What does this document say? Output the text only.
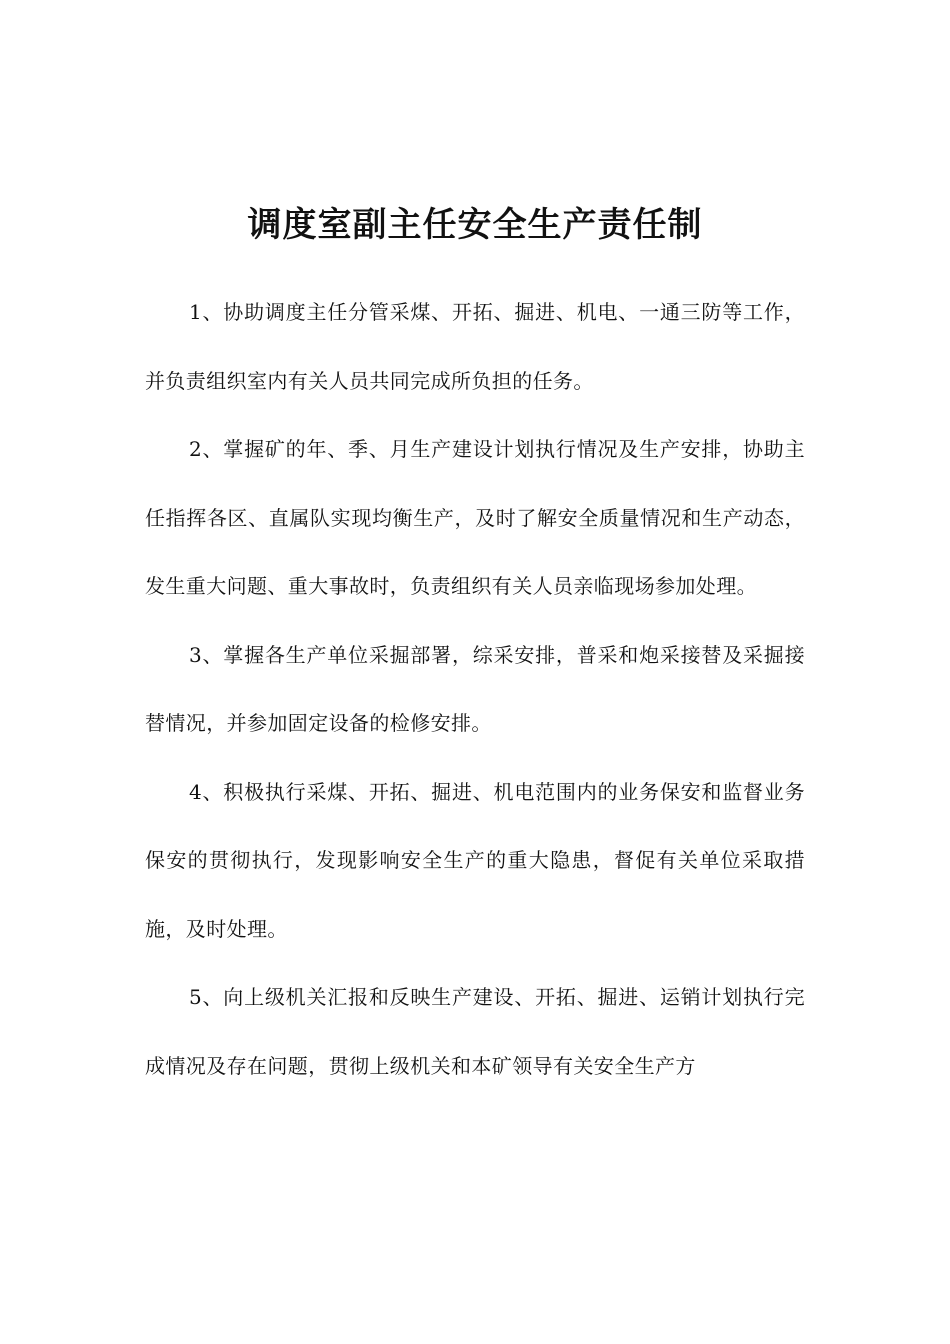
调度室副主任安全生产责任制

1、协助调度主任分管采煤、开拓、掘进、机电、一通三防等工作，并负责组织室内有关人员共同完成所负担的任务。

2、掌握矿的年、季、月生产建设计划执行情况及生产安排，协助主任指挥各区、直属队实现均衡生产，及时了解安全质量情况和生产动态，发生重大问题、重大事故时，负责组织有关人员亲临现场参加处理。

3、掌握各生产单位采掘部署，综采安排，普采和炮采接替及采掘接替情况，并参加固定设备的检修安排。

4、积极执行采煤、开拓、掘进、机电范围内的业务保安和监督业务保安的贯彻执行，发现影响安全生产的重大隐患，督促有关单位采取措施，及时处理。

5、向上级机关汇报和反映生产建设、开拓、掘进、运销计划执行完成情况及存在问题，贯彻上级机关和本矿领导有关安全生产方
